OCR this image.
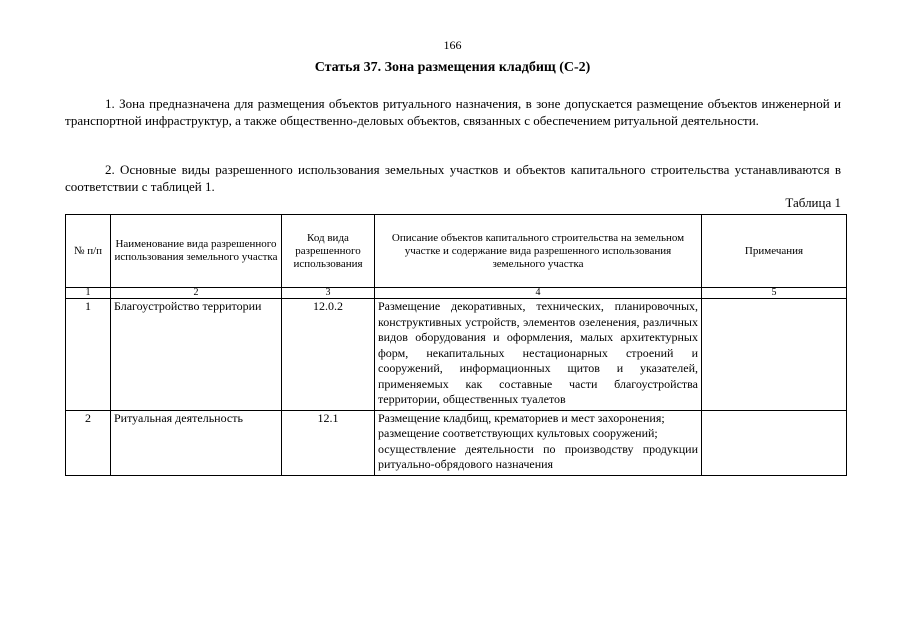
166
Статья 37. Зона размещения кладбищ (С-2)
1. Зона предназначена для размещения объектов ритуального назначения, в зоне допускается размещение объектов инженерной и транспортной инфраструктур, а также общественно-деловых объектов, связанных с обеспечением ритуальной деятельности.
2. Основные виды разрешенного использования земельных участков и объектов капитального строительства устанавливаются в соответствии с таблицей 1.
Таблица 1
№ п/п	Наименование вида разрешенного использования земельного участка	Код вида разрешенного использования	Описание объектов капитального строительства на земельном участке и содержание вида разрешенного использования земельного участка	Примечания
1	2	3	4	5
1	Благоустройство территории	12.0.2	Размещение декоративных, технических, планировочных, конструктивных устройств, элементов озеленения, различных видов оборудования и оформления, малых архитектурных форм, некапитальных нестационарных строений и сооружений, информационных щитов и указателей, применяемых как составные части благоустройства территории, общественных туалетов	
2	Ритуальная деятельность	12.1	Размещение кладбищ, крематориев и мест захоронения;
размещение соответствующих культовых сооружений;
осуществление деятельности по производству продукции ритуально-обрядового назначения	
